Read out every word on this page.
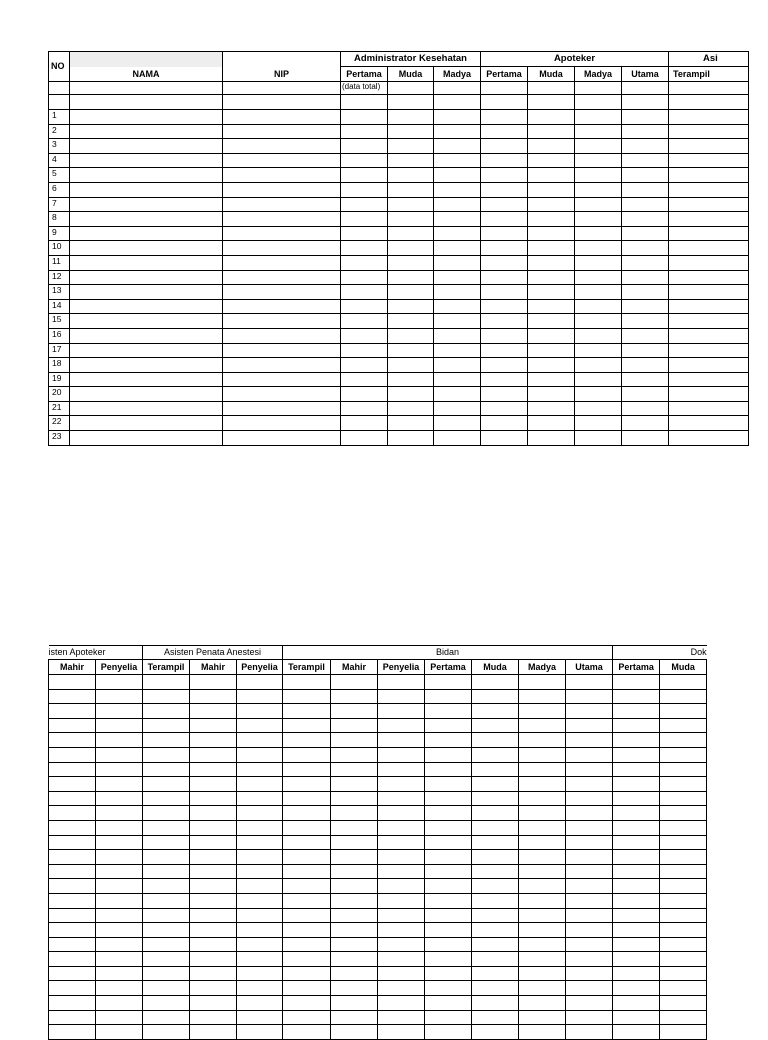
NO		NIP	Administrator Kesehatan			Apoteker				Asi
	NAMA		Pertama	Muda	Madya	Pertama	Muda	Madya	Utama	Terampil
			(data total)							

1										
2										
3										
4										
5										
6										
7										
8										
9										
10										
11										
12										
13										
14										
15										
16										
17										
18										
19										
20										
21										
22										
23										
isten Apoteker		Asisten Penata Anestesi			Bidan							Dok	
Mahir	Penyelia	Terampil	Mahir	Penyelia	Terampil	Mahir	Penyelia	Pertama	Muda	Madya	Utama	Pertama	Muda
